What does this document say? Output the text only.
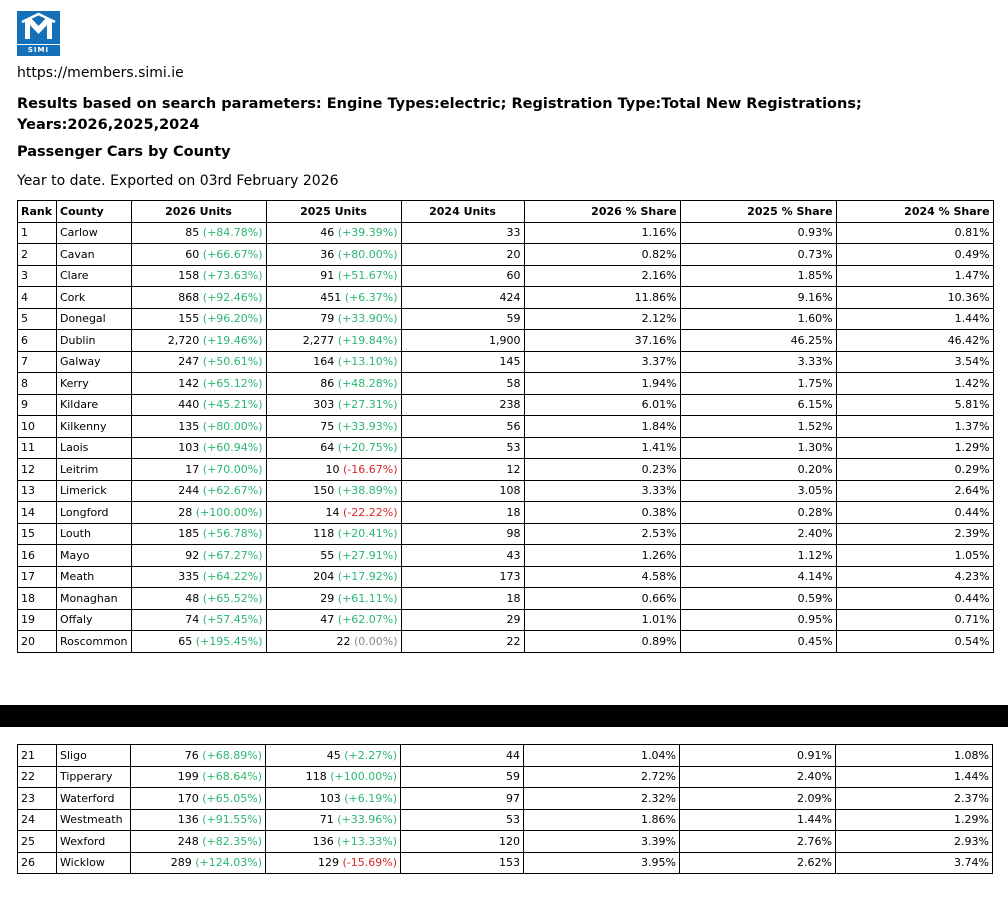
SIMI
https://members.simi.ie
Results based on search parameters: Engine Types:electric; Registration Type:Total New Registrations; Years:2026,2025,2024
Passenger Cars by County
Year to date. Exported on 03rd February 2026
Rank	County	2026 Units	2025 Units	2024 Units	2026 % Share	2025 % Share	2024 % Share
1	Carlow	85 (+84.78%)	46 (+39.39%)	33	1.16%	0.93%	0.81%
2	Cavan	60 (+66.67%)	36 (+80.00%)	20	0.82%	0.73%	0.49%
3	Clare	158 (+73.63%)	91 (+51.67%)	60	2.16%	1.85%	1.47%
4	Cork	868 (+92.46%)	451 (+6.37%)	424	11.86%	9.16%	10.36%
5	Donegal	155 (+96.20%)	79 (+33.90%)	59	2.12%	1.60%	1.44%
6	Dublin	2,720 (+19.46%)	2,277 (+19.84%)	1,900	37.16%	46.25%	46.42%
7	Galway	247 (+50.61%)	164 (+13.10%)	145	3.37%	3.33%	3.54%
8	Kerry	142 (+65.12%)	86 (+48.28%)	58	1.94%	1.75%	1.42%
9	Kildare	440 (+45.21%)	303 (+27.31%)	238	6.01%	6.15%	5.81%
10	Kilkenny	135 (+80.00%)	75 (+33.93%)	56	1.84%	1.52%	1.37%
11	Laois	103 (+60.94%)	64 (+20.75%)	53	1.41%	1.30%	1.29%
12	Leitrim	17 (+70.00%)	10 (-16.67%)	12	0.23%	0.20%	0.29%
13	Limerick	244 (+62.67%)	150 (+38.89%)	108	3.33%	3.05%	2.64%
14	Longford	28 (+100.00%)	14 (-22.22%)	18	0.38%	0.28%	0.44%
15	Louth	185 (+56.78%)	118 (+20.41%)	98	2.53%	2.40%	2.39%
16	Mayo	92 (+67.27%)	55 (+27.91%)	43	1.26%	1.12%	1.05%
17	Meath	335 (+64.22%)	204 (+17.92%)	173	4.58%	4.14%	4.23%
18	Monaghan	48 (+65.52%)	29 (+61.11%)	18	0.66%	0.59%	0.44%
19	Offaly	74 (+57.45%)	47 (+62.07%)	29	1.01%	0.95%	0.71%
20	Roscommon	65 (+195.45%)	22 (0.00%)	22	0.89%	0.45%	0.54%
21	Sligo	76 (+68.89%)	45 (+2.27%)	44	1.04%	0.91%	1.08%
22	Tipperary	199 (+68.64%)	118 (+100.00%)	59	2.72%	2.40%	1.44%
23	Waterford	170 (+65.05%)	103 (+6.19%)	97	2.32%	2.09%	2.37%
24	Westmeath	136 (+91.55%)	71 (+33.96%)	53	1.86%	1.44%	1.29%
25	Wexford	248 (+82.35%)	136 (+13.33%)	120	3.39%	2.76%	2.93%
26	Wicklow	289 (+124.03%)	129 (-15.69%)	153	3.95%	2.62%	3.74%
